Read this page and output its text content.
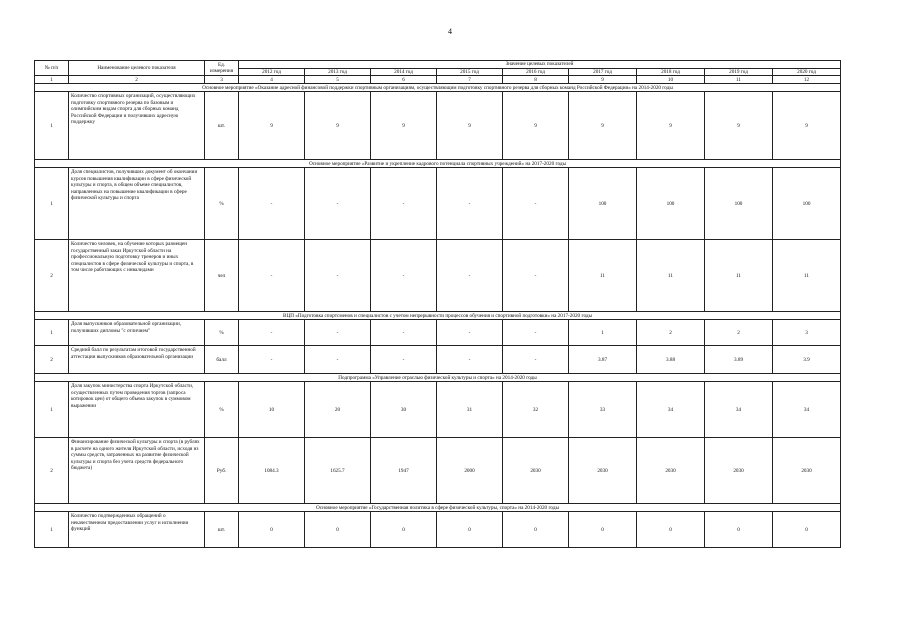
4
№ п/п	Наименование целевого показателя	Ед. измерения	Значение целевых показателей								
			2012 год	2013 год	2014 год	2015 год	2016 год	2017 год	2018 год	2019 год	2020 год
1	2	3	4	5	6	7	8	9	10	11	12
Основное мероприятие «Оказание адресной финансовой поддержки спортивным организациям, осуществляющим подготовку спортивного резерва для сборных команд Российской Федерации» на 2014-2020 годы											
1	Количество спортивных организаций, осуществляющих подготовку спортивного резерва по базовым и олимпийским видам спорта для сборных команд Российской Федерации и получивших адресную поддержку	шт.	9	9	9	9	9	9	9	9	9
Основное мероприятие «Развитие и укрепление кадрового потенциала спортивных учреждений» на 2017-2020 годы											
1	Доля специалистов, получивших документ об окончании курсов повышения квалификации в сфере физической культуры и спорта, в общем объеме специалистов, направленных на повышение квалификации в сфере физической культуры и спорта	%	-	-	-	-	-	100	100	100	100
2	Количество человек, на обучение которых размещен государственный заказ Иркутской области на профессиональную подготовку тренеров и иных специалистов в сфере физической культуры и спорта, в том числе работающих с инвалидами	чел	-	-	-	-	-	11	11	11	11
ВЦП «Подготовка спортсменов и специалистов с учетом непрерывности процессов обучения и спортивной подготовки» на 2017-2020 годы											
1	Доля выпускников образовательной организации, получивших дипломы "с отличием"	%	-	-	-	-	-	1	2	2	3
2	Средний балл по результатам итоговой государственной аттестации выпускников образовательной организации	балл	-	-	-	-	-	3.87	3.88	3.89	3.9
Подпрограмма «Управление отраслью физической культуры и спорта» на 2014-2020 годы											
1	Доля закупок министерства спорта Иркутской области, осуществленных путем проведения торгов (запроса котировок цен) от общего объема закупок в суммовом выражении	%	10	20	30	31	32	33	34	34	34
2	Финансирование физической культуры и спорта (в рублях в расчете на одного жителя Иркутской области, исходя из суммы средств, затраченных на развитие физической культуры и спорта без учета средств федерального бюджета)	Руб.	1084.3	1625.7	1947	2000	2030	2030	2030	2030	2030
Основное мероприятие «Государственная политика в сфере физической культуры, спорта» на 2014-2020 годы											
1	Количество подтвержденных обращений о некачественном предоставлении услуг и исполнении функций	шт.	0	0	0	0	0	0	0	0	0
